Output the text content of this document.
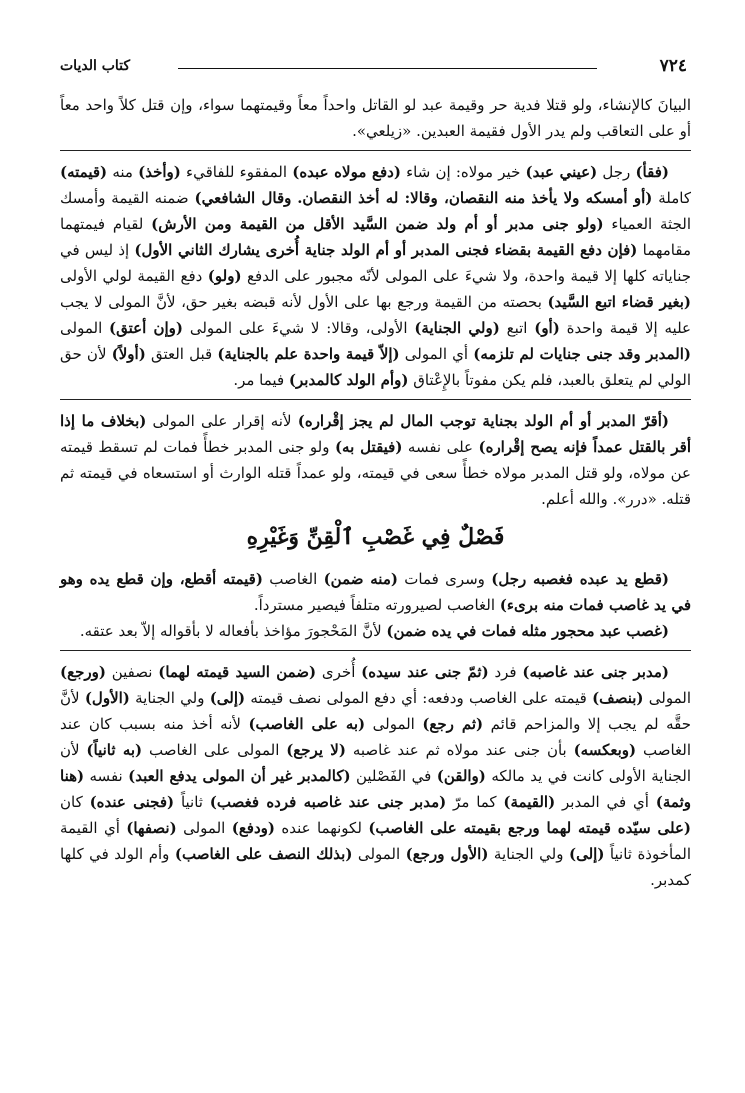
كتاب الديات	٧٢٤

البيانَ كالإنشاء، ولو قتلا فدية حر وقيمة عبد لو القاتل واحداً معاً وقيمتهما سواء، وإن قتل كلاً واحد معاً أو على التعاقب ولم يدر الأول فقيمة العبدين. «زيلعي».

(فقأ) رجل (عيني عبد) خير مولاه: إن شاء (دفع مولاه عبده) المفقوء للفاقيء (وأخذ) منه (قيمته) كاملة (أو أمسكه ولا يأخذ منه النقصان، وقالا: له أخذ النقصان. وقال الشافعي) ضمنه القيمة وأمسك الجثة العمياء (ولو جنى مدبر أو أم ولد ضمن السَّيد الأقل من القيمة ومن الأرش) لقيام فيمتهما مقامهما (فإن دفع القيمة بقضاء فجنى المدبر أو أم الولد جناية أُخرى يشارك الثاني الأول) إذ ليس في جناياته كلها إلا قيمة واحدة، ولا شيءَ على المولى لأنّه مجبور على الدفع (ولو) دفع القيمة لولي الأولى (بغير قضاء اتبع السَّيد) بحصته من القيمة ورجع بها على الأول لأنه قبضه بغير حق، لأنَّ المولى لا يجب عليه إلا قيمة واحدة (أو) اتبع (ولي الجناية) الأولى، وقالا: لا شيءَ على المولى (وإن أعتق) المولى (المدبر وقد جنى جنايات لم تلزمه) أي المولى (إلاّ قيمة واحدة علم بالجناية) قبل العتق (أولاً) لأن حق الولي لم يتعلق بالعبد، فلم يكن مفوتاً بالإِعْتاق (وأم الولد كالمدبر) فيما مر.

(أقرّ المدبر أو أم الولد بجناية توجب المال لم يجز إقْراره) لأنه إقرار على المولى (بخلاف ما إذا أقر بالقتل عمداً فإنه يصح إقْراره) على نفسه (فيقتل به) ولو جنى المدبر خطأً فمات لم تسقط قيمته عن مولاه، ولو قتل المدبر مولاه خطأً سعى في قيمته، ولو عمداً قتله الوارث أو استسعاه في قيمته ثم قتله. «درر». والله أعلم.

فَصْلٌ فِي غَصْبِ ٱلْقِنِّ وَغَيْرِهِ

(قطع يد عبده فغصبه رجل) وسرى فمات (منه ضمن) الغاصب (قيمته أقطع، وإن قطع يده وهو في يد غاصب فمات منه برىء) الغاصب لصيرورته متلفاً فيصير مسترداً.

(غصب عبد محجور مثله فمات في يده ضمن) لأنَّ المَحْجورَ مؤاخذ بأفعاله لا بأقواله إلاّ بعد عتقه.

(مدبر جنى عند غاصبه) فرد (ثمّ جنى عند سيده) أُخرى (ضمن السيد قيمته لهما) نصفين (ورجع) المولى (بنصف) قيمته على الغاصب ودفعه: أي دفع المولى نصف قيمته (إلى) ولي الجناية (الأول) لأنَّ حقَّه لم يجب إلا والمزاحم قائم (ثم رجع) المولى (به على الغاصب) لأنه أخذ منه بسبب كان عند الغاصب (وبعكسه) بأن جنى عند مولاه ثم عند غاصبه (لا يرجع) المولى على الغاصب (به ثانياً) لأن الجناية الأولى كانت في يد مالكه (والقن) في الفَصْلين (كالمدبر غير أن المولى يدفع العبد) نفسه (هنا وثمة) أي في المدبر (القيمة) كما مرّ (مدبر جنى عند غاصبه فرده فغصب) ثانياً (فجنى عنده) كان (على سيّده قيمته لهما ورجع بقيمته على الغاصب) لكونهما عنده (ودفع) المولى (نصفها) أي القيمة المأخوذة ثانياً (إلى) ولي الجناية (الأول ورجع) المولى (بذلك النصف على الغاصب) وأم الولد في كلها كمدبر.
